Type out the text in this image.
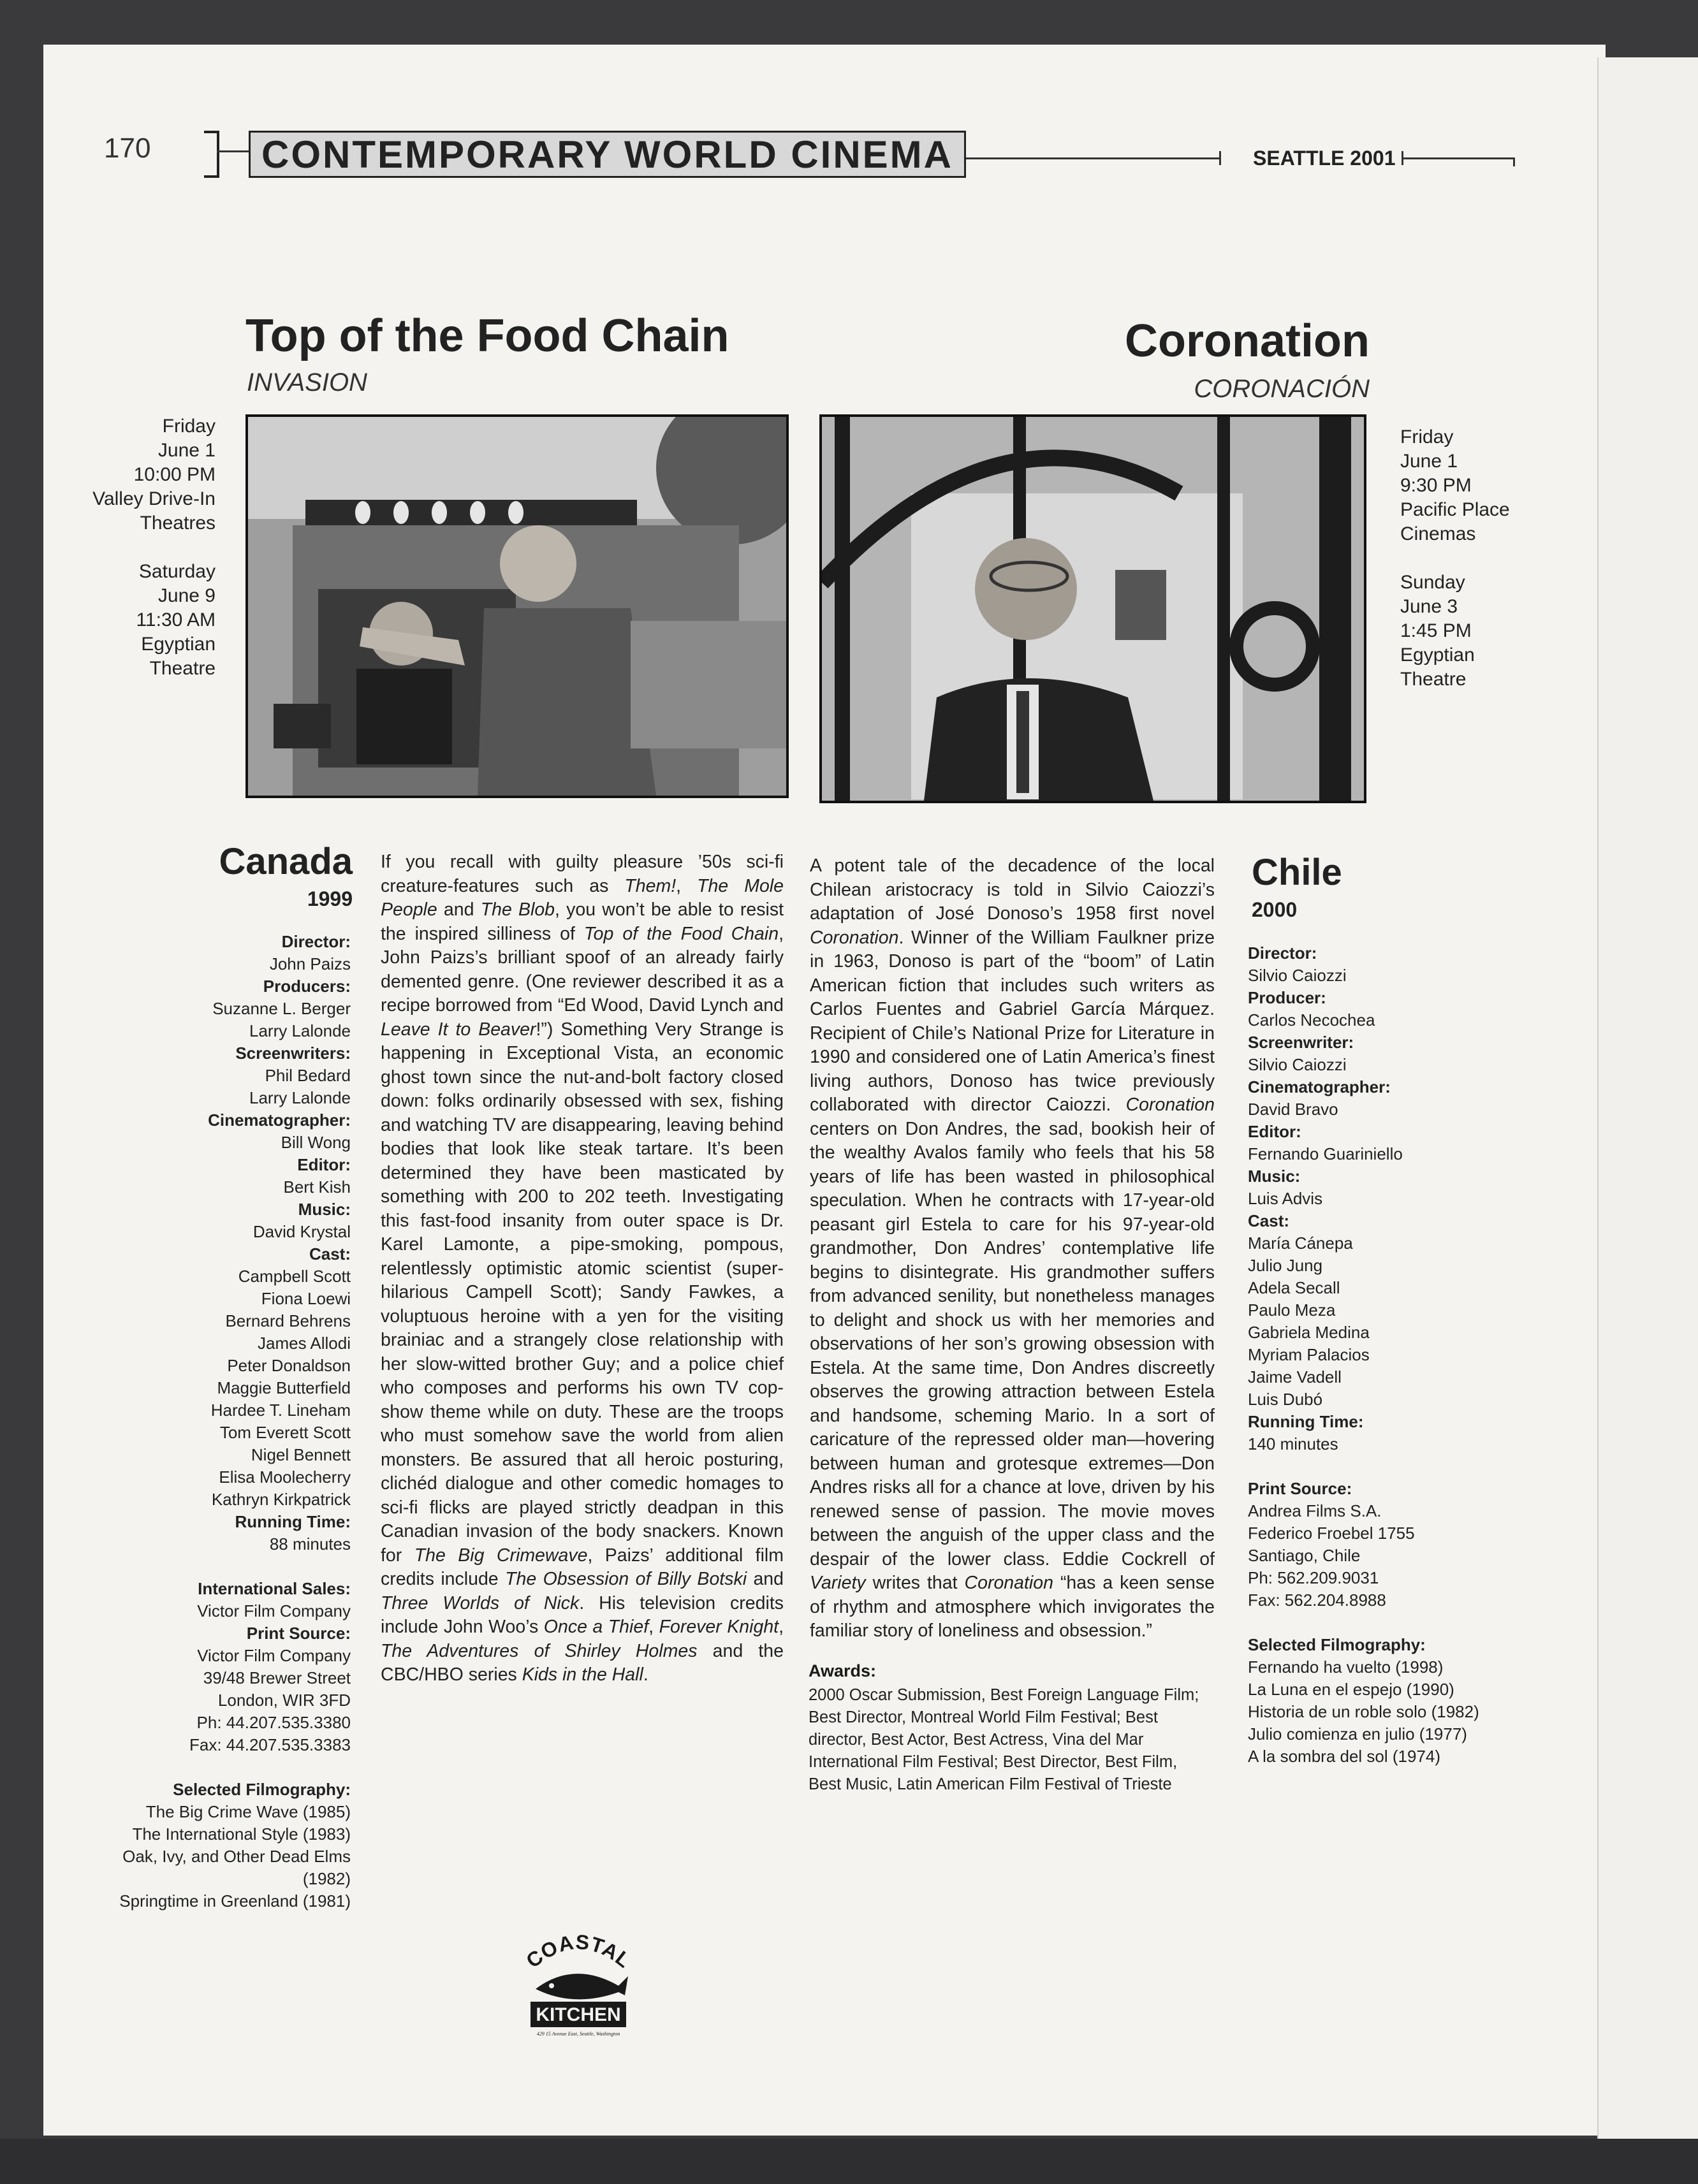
170	CONTEMPORARY WORLD CINEMA	SEATTLE 2001
Top of the Food Chain
INVASION
Friday
June 1
10:00 PM
Valley Drive-In
Theatres
Saturday
June 9
11:30 AM
Egyptian
Theatre
Canada
1999
Director:
John Paizs
Producers:
Suzanne L. Berger
Larry Lalonde
Screenwriters:
Phil Bedard
Larry Lalonde
Cinematographer:
Bill Wong
Editor:
Bert Kish
Music:
David Krystal
Cast:
Campbell Scott
Fiona Loewi
Bernard Behrens
James Allodi
Peter Donaldson
Maggie Butterfield
Hardee T. Lineham
Tom Everett Scott
Nigel Bennett
Elisa Moolecherry
Kathryn Kirkpatrick
Running Time:
88 minutes
International Sales:
Victor Film Company
Print Source:
Victor Film Company
39/48 Brewer Street
London, WIR 3FD
Ph: 44.207.535.3380
Fax: 44.207.535.3383
Selected Filmography:
The Big Crime Wave (1985)
The International Style (1983)
Oak, Ivy, and Other Dead Elms
(1982)
Springtime in Greenland (1981)
If you recall with guilty pleasure ’50s sci-fi creature-features such as Them!, The Mole People and The Blob, you won’t be able to resist the inspired silliness of Top of the Food Chain, John Paizs’s brilliant spoof of an already fairly demented genre. (One reviewer described it as a recipe borrowed from “Ed Wood, David Lynch and Leave It to Beaver!”) Something Very Strange is happening in Exceptional Vista, an economic ghost town since the nut-and-bolt factory closed down: folks ordinarily obsessed with sex, fishing and watching TV are disappearing, leaving behind bodies that look like steak tartare. It’s been determined they have been masticated by something with 200 to 202 teeth. Investigating this fast-food insanity from outer space is Dr. Karel Lamonte, a pipe-smoking, pompous, relentlessly optimistic atomic scientist (super-hilarious Campell Scott); Sandy Fawkes, a voluptuous heroine with a yen for the visiting brainiac and a strangely close relationship with her slow-witted brother Guy; and a police chief who composes and performs his own TV cop-show theme while on duty. These are the troops who must somehow save the world from alien monsters. Be assured that all heroic posturing, clichéd dialogue and other comedic homages to sci-fi flicks are played strictly deadpan in this Canadian invasion of the body snackers. Known for The Big Crimewave, Paizs’ additional film credits include The Obsession of Billy Botski and Three Worlds of Nick. His television credits include John Woo’s Once a Thief, Forever Knight, The Adventures of Shirley Holmes and the CBC/HBO series Kids in the Hall.
Coronation
CORONACIÓN
Friday
June 1
9:30 PM
Pacific Place
Cinemas
Sunday
June 3
1:45 PM
Egyptian
Theatre
A potent tale of the decadence of the local Chilean aristocracy is told in Silvio Caiozzi’s adaptation of José Donoso’s 1958 first novel Coronation. Winner of the William Faulkner prize in 1963, Donoso is part of the “boom” of Latin American fiction that includes such writers as Carlos Fuentes and Gabriel García Márquez. Recipient of Chile’s National Prize for Literature in 1990 and considered one of Latin America’s finest living authors, Donoso has twice previously collaborated with director Caiozzi. Coronation centers on Don Andres, the sad, bookish heir of the wealthy Avalos family who feels that his 58 years of life has been wasted in philosophical speculation. When he contracts with 17-year-old peasant girl Estela to care for his 97-year-old grandmother, Don Andres’ contemplative life begins to disintegrate. His grandmother suffers from advanced senility, but nonetheless manages to delight and shock us with her memories and observations of her son’s growing obsession with Estela. At the same time, Don Andres discreetly observes the growing attraction between Estela and handsome, scheming Mario. In a sort of caricature of the repressed older man—hovering between human and grotesque extremes—Don Andres risks all for a chance at love, driven by his renewed sense of passion. The movie moves between the anguish of the upper class and the despair of the lower class. Eddie Cockrell of Variety writes that Coronation “has a keen sense of rhythm and atmosphere which invigorates the familiar story of loneliness and obsession.”
Awards:
2000 Oscar Submission, Best Foreign Language Film; Best Director, Montreal World Film Festival; Best director, Best Actor, Best Actress, Vina del Mar International Film Festival; Best Director, Best Film, Best Music, Latin American Film Festival of Trieste
Chile
2000
Director:
Silvio Caiozzi
Producer:
Carlos Necochea
Screenwriter:
Silvio Caiozzi
Cinematographer:
David Bravo
Editor:
Fernando Guariniello
Music:
Luis Advis
Cast:
María Cánepa
Julio Jung
Adela Secall
Paulo Meza
Gabriela Medina
Myriam Palacios
Jaime Vadell
Luis Dubó
Running Time:
140 minutes
Print Source:
Andrea Films S.A.
Federico Froebel 1755
Santiago, Chile
Ph: 562.209.9031
Fax: 562.204.8988
Selected Filmography:
Fernando ha vuelto (1998)
La Luna en el espejo (1990)
Historia de un roble solo (1982)
Julio comienza en julio (1977)
A la sombra del sol (1974)
COASTAL
KITCHEN
429 15 Avenue East, Seattle, Washington
